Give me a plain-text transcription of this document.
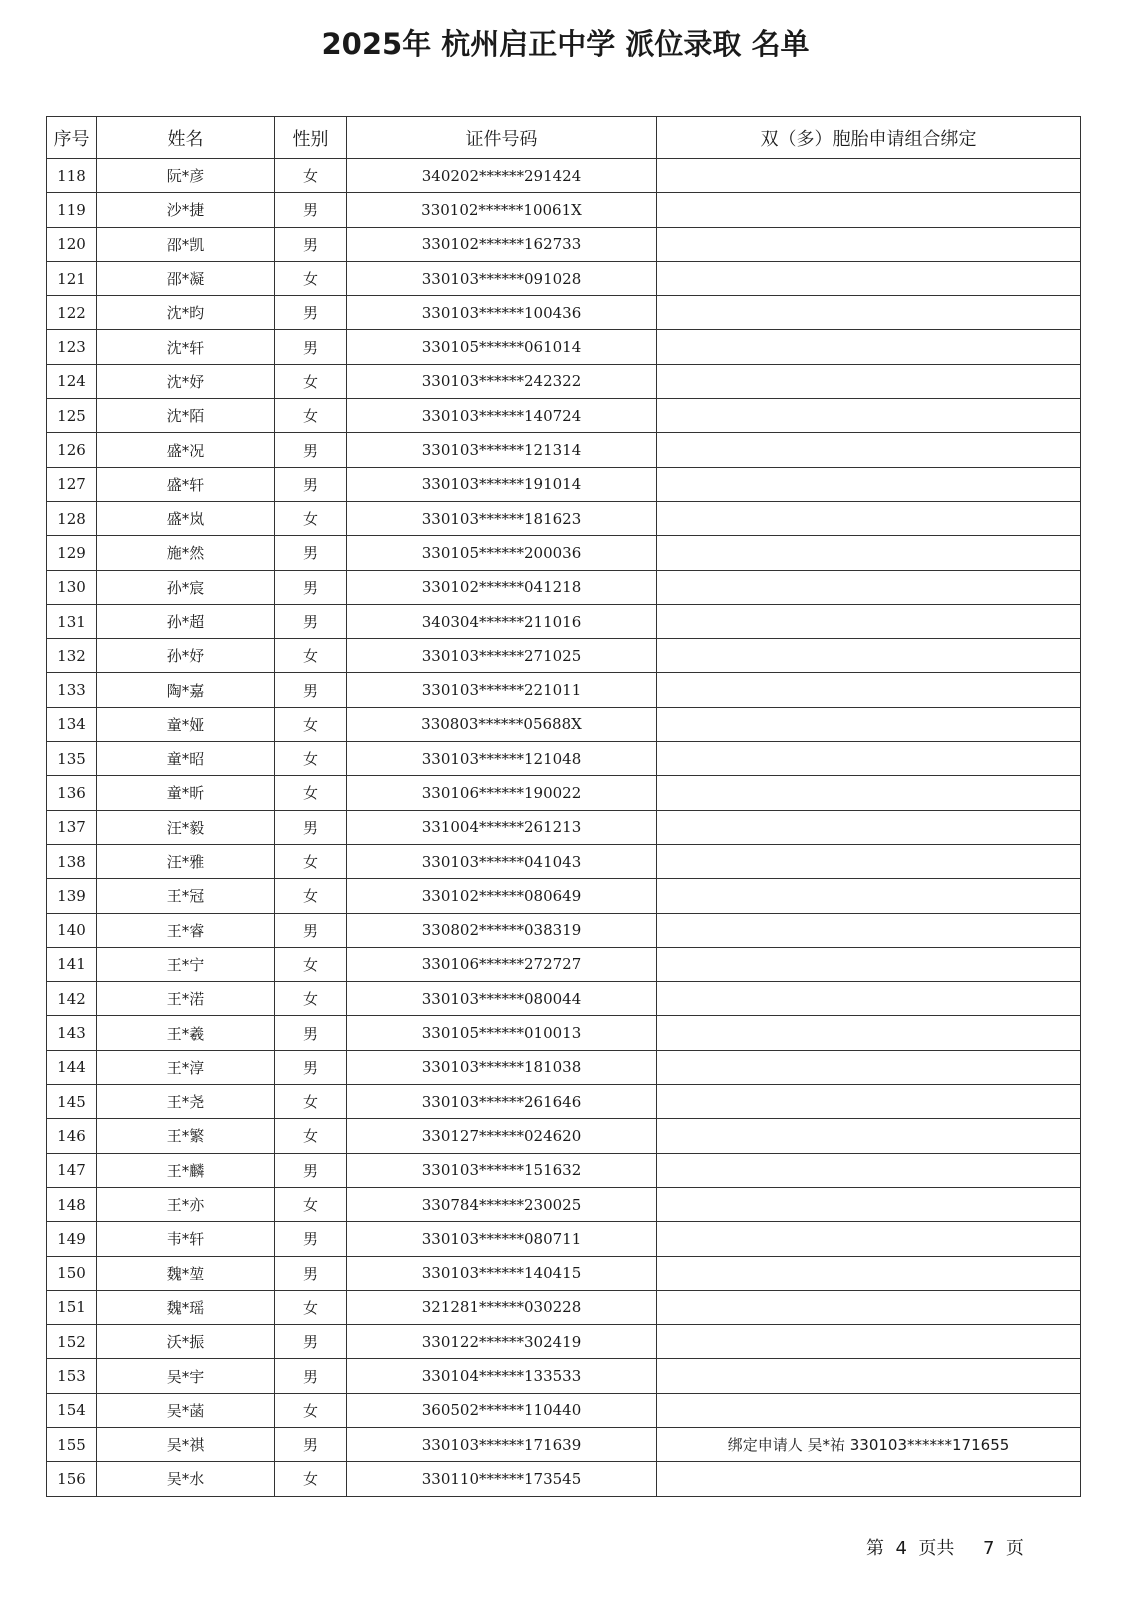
2025年 杭州启正中学 派位录取 名单
序号	姓名	性别	证件号码	双（多）胞胎申请组合绑定
118	阮*彦	女	340202******291424	
119	沙*捷	男	330102******10061X	
120	邵*凯	男	330102******162733	
121	邵*凝	女	330103******091028	
122	沈*昀	男	330103******100436	
123	沈*轩	男	330105******061014	
124	沈*妤	女	330103******242322	
125	沈*陌	女	330103******140724	
126	盛*况	男	330103******121314	
127	盛*轩	男	330103******191014	
128	盛*岚	女	330103******181623	
129	施*然	男	330105******200036	
130	孙*宸	男	330102******041218	
131	孙*超	男	340304******211016	
132	孙*妤	女	330103******271025	
133	陶*嘉	男	330103******221011	
134	童*娅	女	330803******05688X	
135	童*昭	女	330103******121048	
136	童*昕	女	330106******190022	
137	汪*毅	男	331004******261213	
138	汪*雅	女	330103******041043	
139	王*冠	女	330102******080649	
140	王*睿	男	330802******038319	
141	王*宁	女	330106******272727	
142	王*渃	女	330103******080044	
143	王*羲	男	330105******010013	
144	王*淳	男	330103******181038	
145	王*尧	女	330103******261646	
146	王*繁	女	330127******024620	
147	王*麟	男	330103******151632	
148	王*亦	女	330784******230025	
149	韦*轩	男	330103******080711	
150	魏*堃	男	330103******140415	
151	魏*瑶	女	321281******030228	
152	沃*振	男	330122******302419	
153	吴*宇	男	330104******133533	
154	吴*菡	女	360502******110440	
155	吴*祺	男	330103******171639	绑定申请人 吴*祐 330103******171655
156	吴*水	女	330110******173545	
第 4 页共 7 页
